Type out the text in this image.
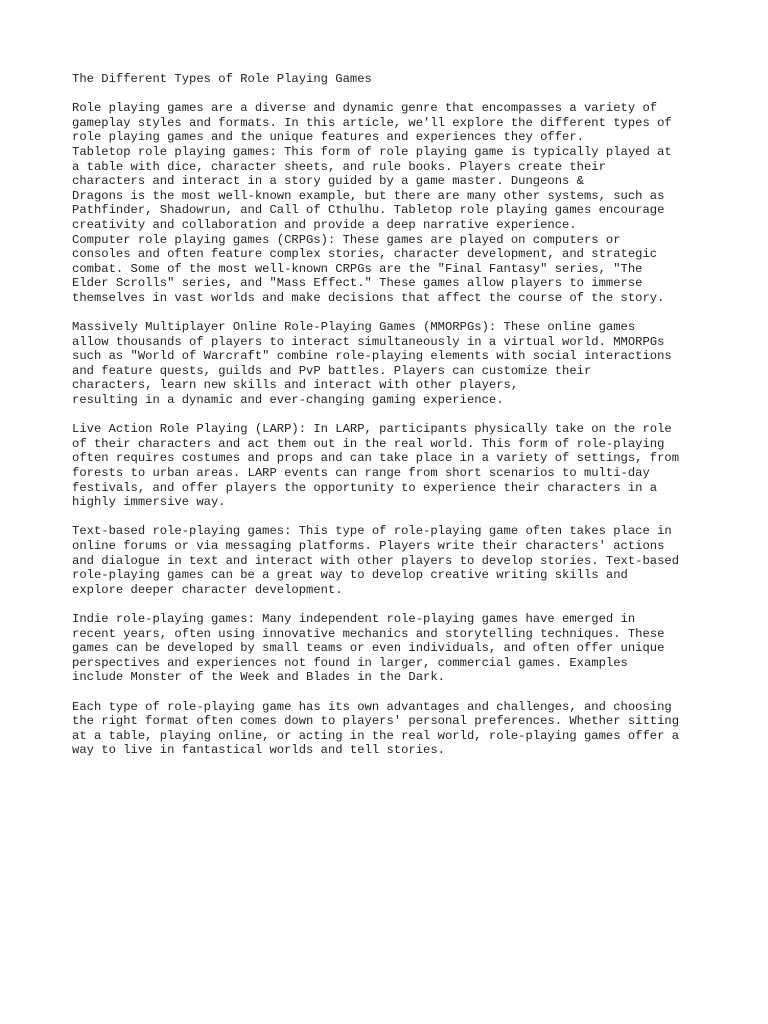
The Different Types of Role Playing Games
Role playing games are a diverse and dynamic genre that encompasses a variety of
gameplay styles and formats. In this article, we'll explore the different types of
role playing games and the unique features and experiences they offer.
Tabletop role playing games: This form of role playing game is typically played at
a table with dice, character sheets, and rule books. Players create their
characters and interact in a story guided by a game master. Dungeons &
Dragons is the most well-known example, but there are many other systems, such as
Pathfinder, Shadowrun, and Call of Cthulhu. Tabletop role playing games encourage
creativity and collaboration and provide a deep narrative experience.
Computer role playing games (CRPGs): These games are played on computers or
consoles and often feature complex stories, character development, and strategic
combat. Some of the most well-known CRPGs are the "Final Fantasy" series, "The
Elder Scrolls" series, and "Mass Effect." These games allow players to immerse
themselves in vast worlds and make decisions that affect the course of the story.
Massively Multiplayer Online Role-Playing Games (MMORPGs): These online games
allow thousands of players to interact simultaneously in a virtual world. MMORPGs
such as "World of Warcraft" combine role-playing elements with social interactions
and feature quests, guilds and PvP battles. Players can customize their
characters, learn new skills and interact with other players,
resulting in a dynamic and ever-changing gaming experience.
Live Action Role Playing (LARP): In LARP, participants physically take on the role
of their characters and act them out in the real world. This form of role-playing
often requires costumes and props and can take place in a variety of settings, from
forests to urban areas. LARP events can range from short scenarios to multi-day
festivals, and offer players the opportunity to experience their characters in a
highly immersive way.
Text-based role-playing games: This type of role-playing game often takes place in
online forums or via messaging platforms. Players write their characters' actions
and dialogue in text and interact with other players to develop stories. Text-based
role-playing games can be a great way to develop creative writing skills and
explore deeper character development.
Indie role-playing games: Many independent role-playing games have emerged in
recent years, often using innovative mechanics and storytelling techniques. These
games can be developed by small teams or even individuals, and often offer unique
perspectives and experiences not found in larger, commercial games. Examples
include Monster of the Week and Blades in the Dark.
Each type of role-playing game has its own advantages and challenges, and choosing
the right format often comes down to players' personal preferences. Whether sitting
at a table, playing online, or acting in the real world, role-playing games offer a
way to live in fantastical worlds and tell stories.
